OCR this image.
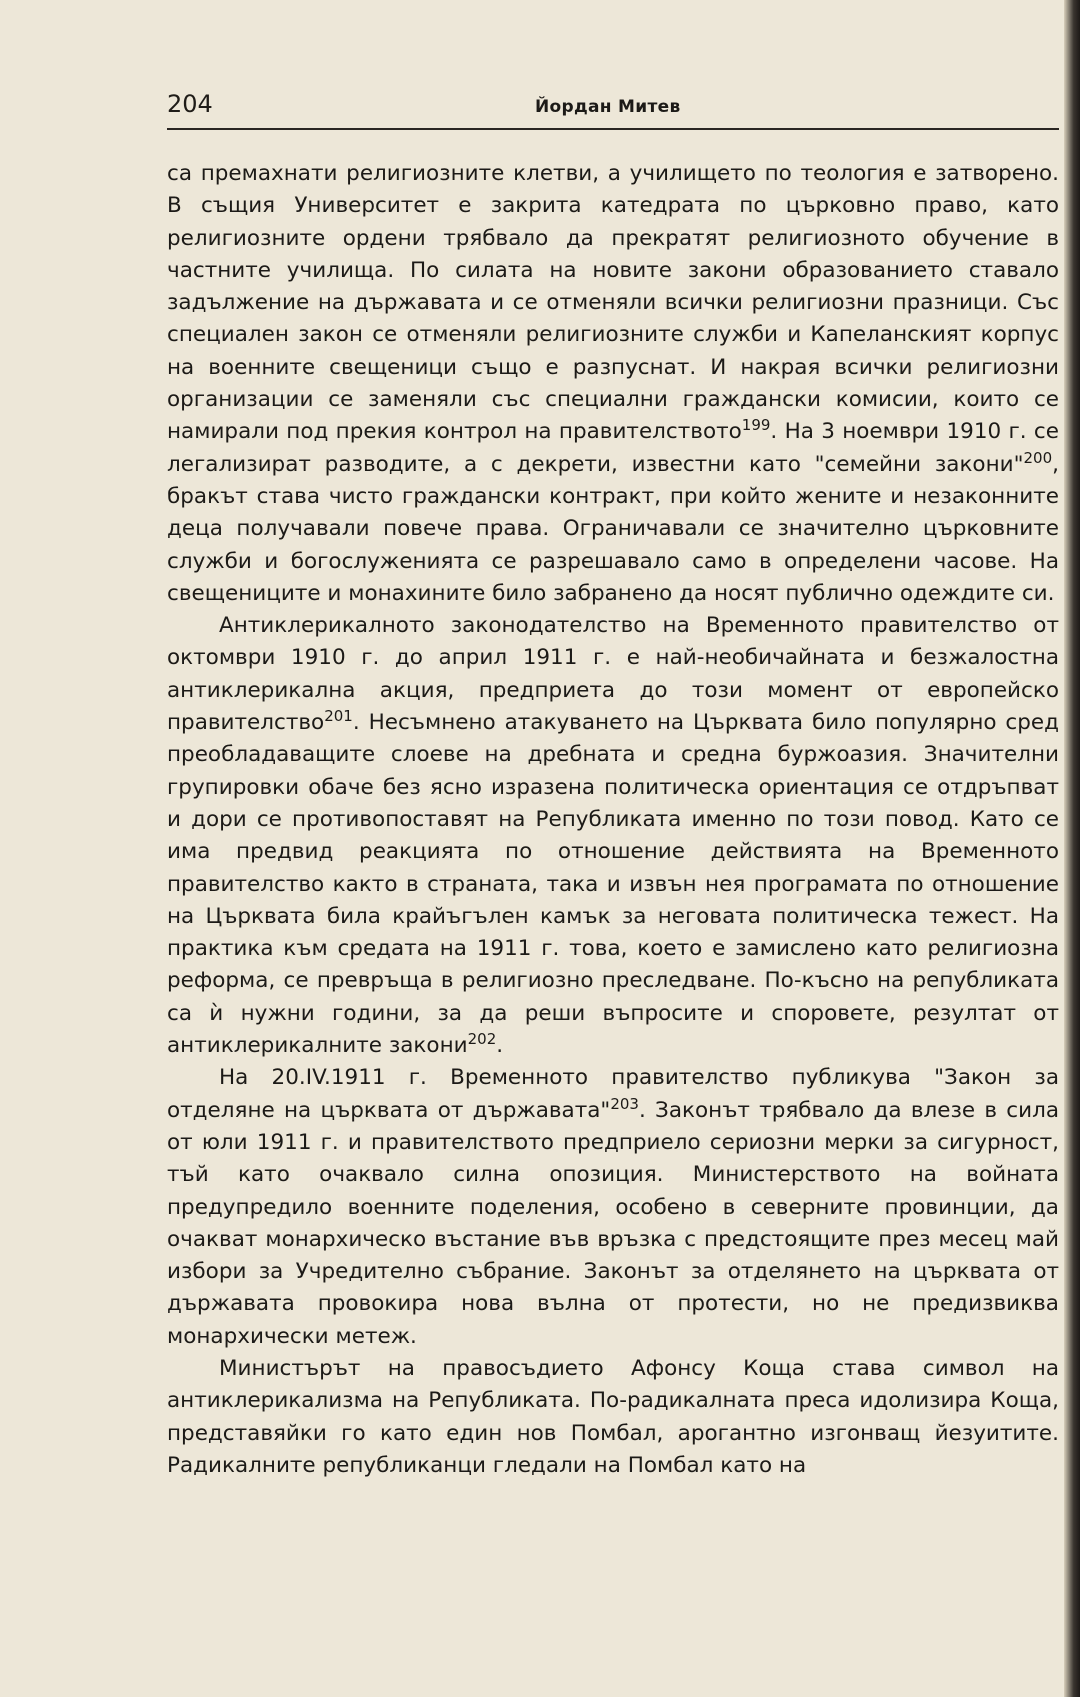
204	Йордан Митев

са премахнати религиозните клетви, а училището по теология е затворено. В същия Университет е закрита катедрата по църковно право, като религиозните ордени трябвало да прекратят религиозното обучение в частните училища. По силата на новите закони образованието ставало задължение на държавата и се отменяли всички религиозни празници. Със специален закон се отменяли религиозните служби и Капеланският корпус на военните свещеници също е разпуснат. И накрая всички религиозни организации се заменяли със специални граждански комисии, които се намирали под прекия контрол на правителството$^{199}$. На 3 ноември 1910 г. се легализират разводите, а с декрети, известни като "семейни закони"$^{200}$, бракът става чисто граждански контракт, при който жените и незаконните деца получавали повече права. Ограничавали се значително църковните служби и богослуженията се разрешавало само в определени часове. На свещениците и монахините било забранено да носят публично одеждите си.

Антиклерикалното законодателство на Временното правителство от октомври 1910 г. до април 1911 г. е най-необичайната и безжалостна антиклерикална акция, предприета до този момент от европейско правителство$^{201}$. Несъмнено атакуването на Църквата било популярно сред преобладаващите слоеве на дребната и средна буржоазия. Значителни групировки обаче без ясно изразена политическа ориентация се отдръпват и дори се противопоставят на Републиката именно по този повод. Като се има предвид реакцията по отношение действията на Временното правителство както в страната, така и извън нея програмата по отношение на Църквата била крайъгълен камък за неговата политическа тежест. На практика към средата на 1911 г. това, което е замислено като религиозна реформа, се превръща в религиозно преследване. По-късно на републиката са ѝ нужни години, за да реши въпросите и споровете, резултат от антиклерикалните закони$^{202}$.

На 20.IV.1911 г. Временното правителство публикува "Закон за отделяне на църквата от държавата"$^{203}$. Законът трябвало да влезе в сила от юли 1911 г. и правителството предприело сериозни мерки за сигурност, тъй като очаквало силна опозиция. Министерството на войната предупредило военните поделения, особено в северните провинции, да очакват монархическо въстание във връзка с предстоящите през месец май избори за Учредително събрание. Законът за отделянето на църквата от държавата провокира нова вълна от протести, но не предизвиква монархически метеж.

Министърът на правосъдието Афонсу Коща става символ на антиклерикализма на Републиката. По-радикалната преса идолизира Коща, представяйки го като един нов Помбал, арогантно изгонващ йезуитите. Радикалните републиканци гледали на Помбал като на
